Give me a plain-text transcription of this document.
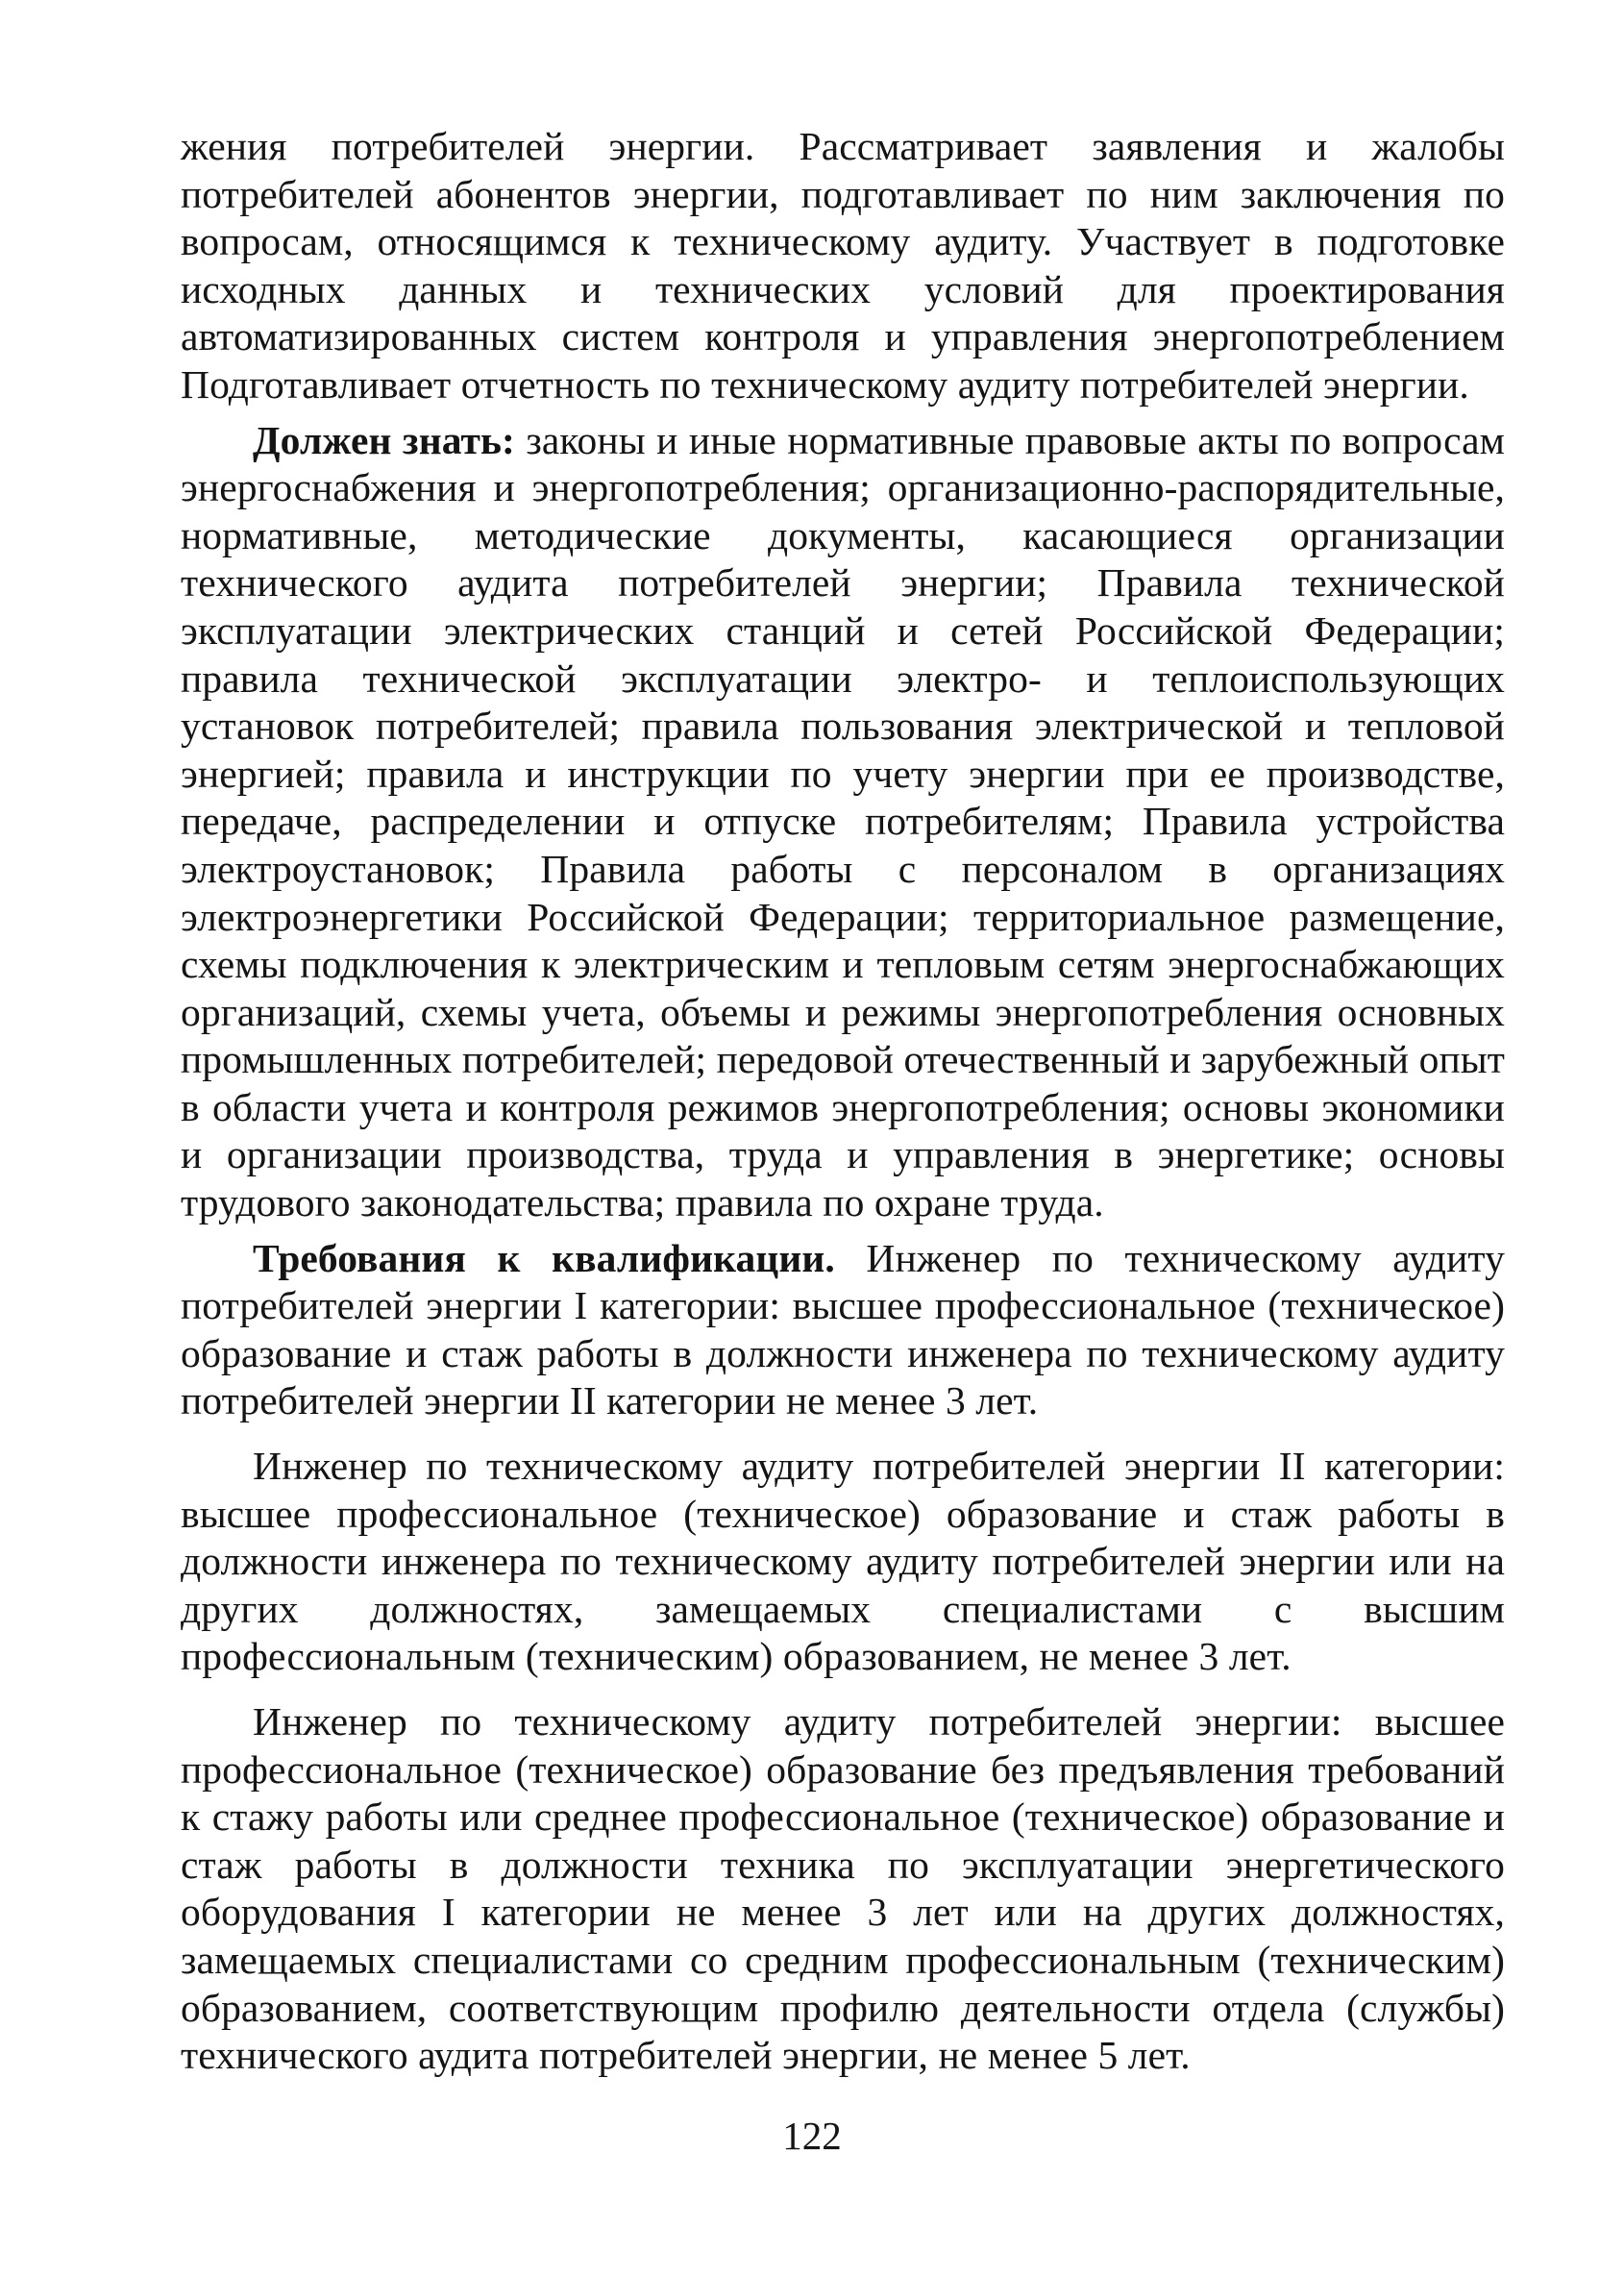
жения потребителей энергии. Рассматривает заявления и жалобы потребителей абонентов энергии, подготавливает по ним заключения по вопросам, относящимся к техническому аудиту. Участвует в подготовке исходных данных и технических условий для проектирования автоматизированных систем контроля и управления энергопотреблением Подготавливает отчетность по техническому аудиту потребителей энергии.

Должен знать: законы и иные нормативные правовые акты по вопросам энергоснабжения и энергопотребления; организационно-распорядительные, нормативные, методические документы, касающиеся организации технического аудита потребителей энергии; Правила технической эксплуатации электрических станций и сетей Российской Федерации; правила технической эксплуатации электро- и теплоиспользующих установок потребителей; правила пользования электрической и тепловой энергией; правила и инструкции по учету энергии при ее производстве, передаче, распределении и отпуске потребителям; Правила устройства электроустановок; Правила работы с персоналом в организациях электроэнергетики Российской Федерации; территориальное размещение, схемы подключения к электрическим и тепловым сетям энергоснабжающих организаций, схемы учета, объемы и режимы энергопотребления основных промышленных потребителей; передовой отечественный и зарубежный опыт в области учета и контроля режимов энергопотребления; основы экономики и организации производства, труда и управления в энергетике; основы трудового законодательства; правила по охране труда.

Требования к квалификации. Инженер по техническому аудиту потребителей энергии I категории: высшее профессиональное (техническое) образование и стаж работы в должности инженера по техническому аудиту потребителей энергии II категории не менее 3 лет.

Инженер по техническому аудиту потребителей энергии II категории: высшее профессиональное (техническое) образование и стаж работы в должности инженера по техническому аудиту потребителей энергии или на других должностях, замещаемых специалистами с высшим профессиональным (техническим) образованием, не менее 3 лет.

Инженер по техническому аудиту потребителей энергии: высшее профессиональное (техническое) образование без предъявления требований к стажу работы или среднее профессиональное (техническое) образование и стаж работы в должности техника по эксплуатации энергетического оборудования I категории не менее 3 лет или на других должностях, замещаемых специалистами со средним профессиональным (техническим) образованием, соответствующим профилю деятельности отдела (службы) технического аудита потребителей энергии, не менее 5 лет.

122
